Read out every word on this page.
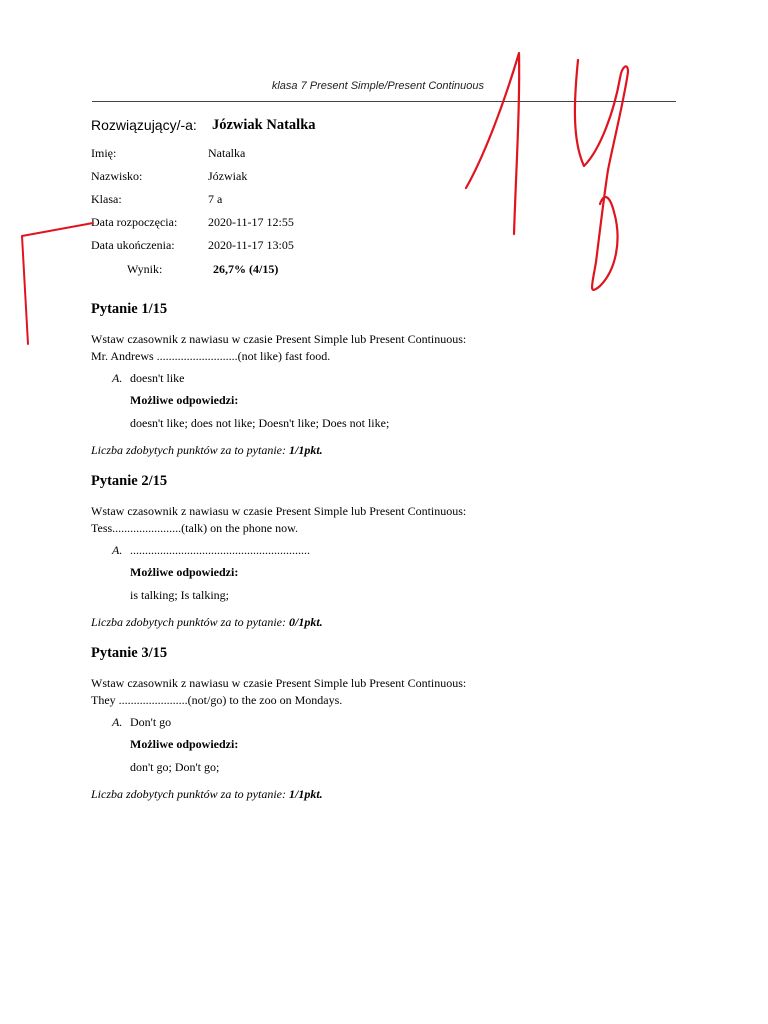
klasa 7 Present Simple/Present Continuous
Rozwiązujący/-a: Józwiak Natalka
Imię:	Natalka
Nazwisko:	Józwiak
Klasa:	7 a
Data rozpoczęcia:	2020-11-17 12:55
Data ukończenia:	2020-11-17 13:05
Wynik:	26,7% (4/15)
Pytanie 1/15
Wstaw czasownik z nawiasu w czasie Present Simple lub Present Continuous:
Mr. Andrews ...........................(not like) fast food.
A. doesn't like
Możliwe odpowiedzi:
doesn't like; does not like; Doesn't like; Does not like;
Liczba zdobytych punktów za to pytanie: 1/1pkt.
Pytanie 2/15
Wstaw czasownik z nawiasu w czasie Present Simple lub Present Continuous:
Tess.......................(talk) on the phone now.
A. ............................................................
Możliwe odpowiedzi:
is talking; Is talking;
Liczba zdobytych punktów za to pytanie: 0/1pkt.
Pytanie 3/15
Wstaw czasownik z nawiasu w czasie Present Simple lub Present Continuous:
They .......................(not/go) to the zoo on Mondays.
A. Don't go
Możliwe odpowiedzi:
don't go; Don't go;
Liczba zdobytych punktów za to pytanie: 1/1pkt.
